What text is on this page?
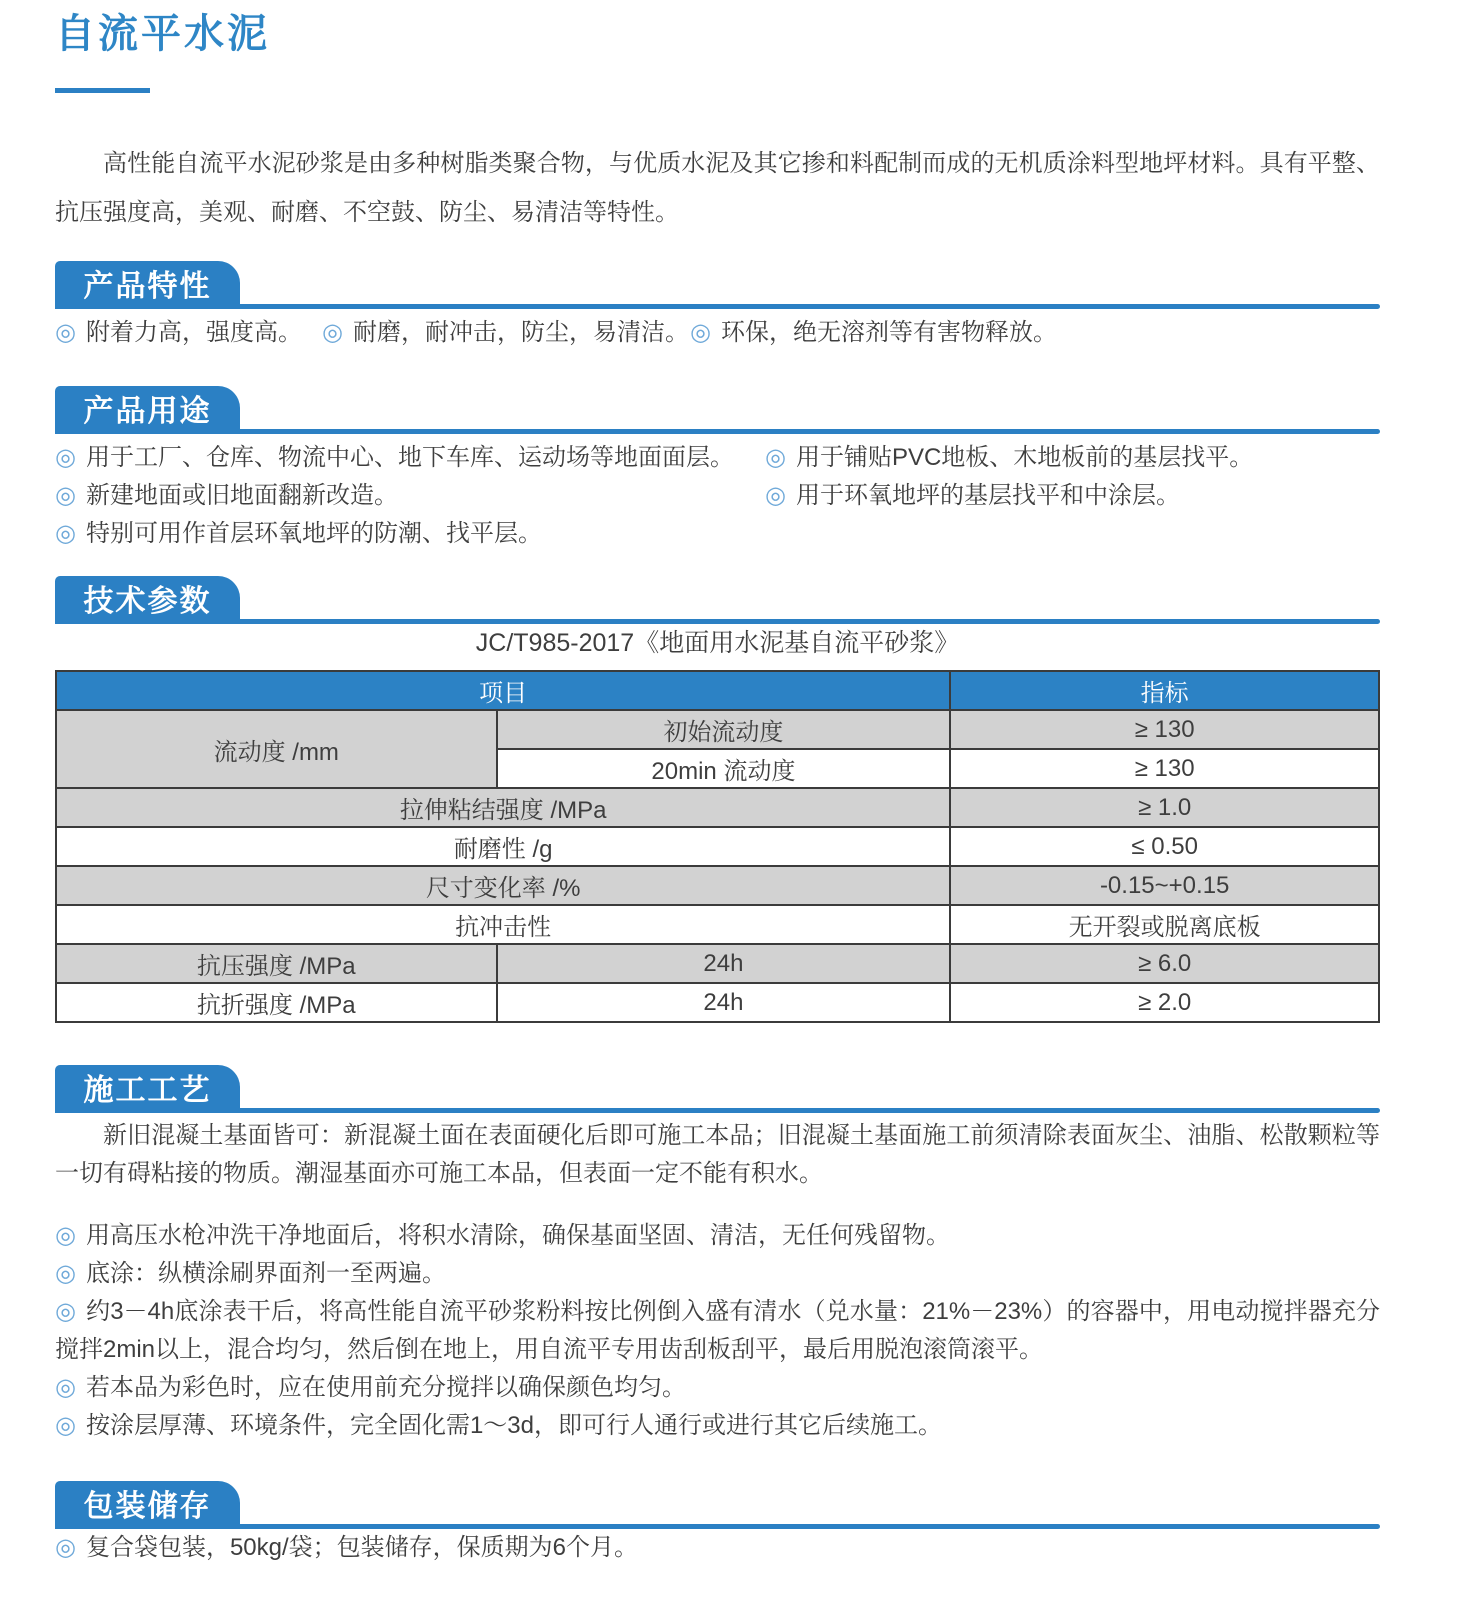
自流平水泥

高性能自流平水泥砂浆是由多种树脂类聚合物，与优质水泥及其它掺和料配制而成的无机质涂料型地坪材料。具有平整、抗压强度高，美观、耐磨、不空鼓、防尘、易清洁等特性。

产品特性
◎ 附着力高，强度高。 ◎ 耐磨，耐冲击，防尘，易清洁。 ◎ 环保，绝无溶剂等有害物释放。
产品用途
◎ 用于工厂、仓库、物流中心、地下车库、运动场等地面面层。
◎ 新建地面或旧地面翻新改造。
◎ 特别可用作首层环氧地坪的防潮、找平层。
◎ 用于铺贴PVC地板、木地板前的基层找平。
◎ 用于环氧地坪的基层找平和中涂层。
技术参数
JC/T985-2017《地面用水泥基自流平砂浆》
项目		指标
流动度 /mm	初始流动度	≥ 130
	20min 流动度	≥ 130
拉伸粘结强度 /MPa		≥ 1.0
耐磨性 /g		≤ 0.50
尺寸变化率 /%		-0.15~+0.15
抗冲击性		无开裂或脱离底板
抗压强度 /MPa	24h	≥ 6.0
抗折强度 /MPa	24h	≥ 2.0
施工工艺

新旧混凝土基面皆可：新混凝土面在表面硬化后即可施工本品；旧混凝土基面施工前须清除表面灰尘、油脂、松散颗粒等一切有碍粘接的物质。潮湿基面亦可施工本品，但表面一定不能有积水。

◎ 用高压水枪冲洗干净地面后，将积水清除，确保基面坚固、清洁，无任何残留物。
◎ 底涂：纵横涂刷界面剂一至两遍。
◎ 约3－4h底涂表干后，将高性能自流平砂浆粉料按比例倒入盛有清水（兑水量：21%－23%）的容器中，用电动搅拌器充分搅拌2min以上，混合均匀，然后倒在地上，用自流平专用齿刮板刮平，最后用脱泡滚筒滚平。
◎ 若本品为彩色时，应在使用前充分搅拌以确保颜色均匀。
◎ 按涂层厚薄、环境条件，完全固化需1～3d，即可行人通行或进行其它后续施工。
包装储存
◎ 复合袋包装，50kg/袋；包装储存，保质期为6个月。
